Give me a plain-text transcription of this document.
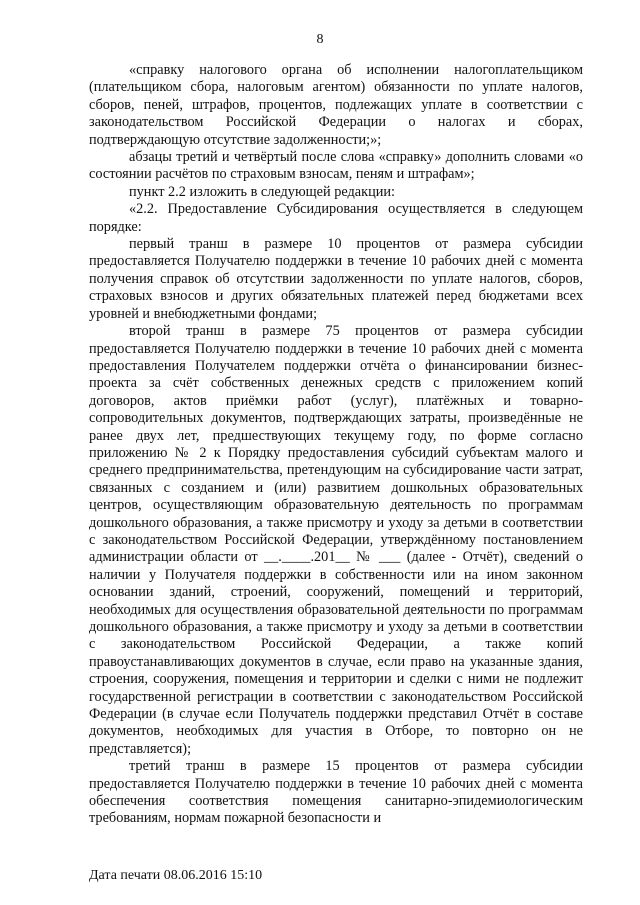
8

«справку налогового органа об исполнении налогоплательщиком (плательщиком сбора, налоговым агентом) обязанности по уплате налогов, сборов, пеней, штрафов, процентов, подлежащих уплате в соответствии с законодательством Российской Федерации о налогах и сборах, подтверждающую отсутствие задолженности;»;

абзацы третий и четвёртый после слова «справку» дополнить словами «о состоянии расчётов по страховым взносам, пеням и штрафам»;

пункт 2.2 изложить в следующей редакции:

«2.2. Предоставление Субсидирования осуществляется в следующем порядке:

первый транш в размере 10 процентов от размера субсидии предоставляется Получателю поддержки в течение 10 рабочих дней с момента получения справок об отсутствии задолженности по уплате налогов, сборов, страховых взносов и других обязательных платежей перед бюджетами всех уровней и внебюджетными фондами;

второй транш в размере 75 процентов от размера субсидии предоставляется Получателю поддержки в течение 10 рабочих дней с момента предоставления Получателем поддержки отчёта о финансировании бизнес-проекта за счёт собственных денежных средств с приложением копий договоров, актов приёмки работ (услуг), платёжных и товарно-сопроводительных документов, подтверждающих затраты, произведённые не ранее двух лет, предшествующих текущему году, по форме согласно приложению № 2 к Порядку предоставления субсидий субъектам малого и среднего предпринимательства, претендующим на субсидирование части затрат, связанных с созданием и (или) развитием дошкольных образовательных центров, осуществляющим образовательную деятельность по программам дошкольного образования, а также присмотру и уходу за детьми в соответствии с законодательством Российской Федерации, утверждённому постановлением администрации области от __.____.201__ № ___ (далее - Отчёт), сведений о наличии у Получателя поддержки в собственности или на ином законном основании зданий, строений, сооружений, помещений и территорий, необходимых для осуществления образовательной деятельности по программам дошкольного образования, а также присмотру и уходу за детьми в соответствии с законодательством Российской Федерации, а также копий правоустанавливающих документов в случае, если право на указанные здания, строения, сооружения, помещения и территории и сделки с ними не подлежит государственной регистрации в соответствии с законодательством Российской Федерации (в случае если Получатель поддержки представил Отчёт в составе документов, необходимых для участия в Отборе, то повторно он не представляется);

третий транш в размере 15 процентов от размера субсидии предоставляется Получателю поддержки в течение 10 рабочих дней с момента обеспечения соответствия помещения санитарно-эпидемиологическим требованиям, нормам пожарной безопасности и

Дата печати 08.06.2016 15:10
